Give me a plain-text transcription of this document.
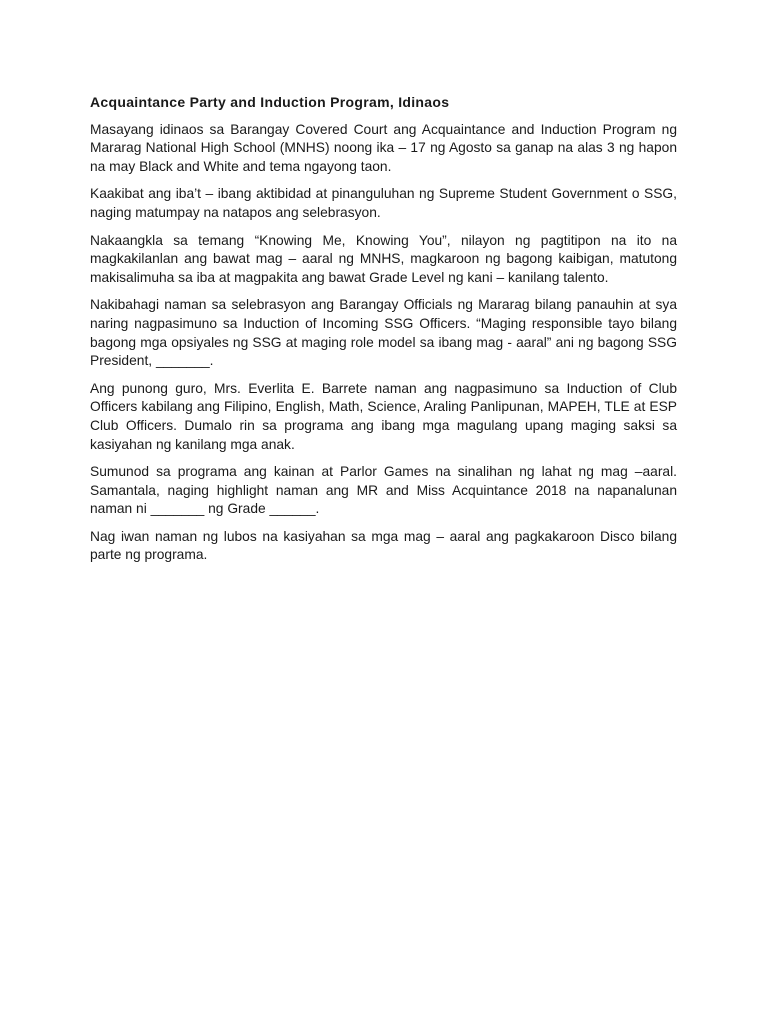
Acquaintance Party and Induction Program, Idinaos

Masayang idinaos sa Barangay Covered Court ang Acquaintance and Induction Program ng Mararag National High School (MNHS) noong ika – 17 ng Agosto sa ganap na alas 3 ng hapon na may Black and White and tema ngayong taon.

Kaakibat ang iba’t – ibang aktibidad at pinanguluhan ng Supreme Student Government o SSG, naging matumpay na natapos ang selebrasyon.

Nakaangkla sa temang “Knowing Me, Knowing You”, nilayon ng pagtitipon na ito na magkakilanlan ang bawat mag – aaral ng MNHS, magkaroon ng bagong kaibigan, matutong makisalimuha sa iba at magpakita ang bawat Grade Level ng kani – kanilang talento.

Nakibahagi naman sa selebrasyon ang Barangay Officials ng Mararag bilang panauhin at sya naring nagpasimuno sa Induction of Incoming SSG Officers. “Maging responsible tayo bilang bagong mga opsiyales ng SSG at maging role model sa ibang mag - aaral” ani ng bagong SSG President, _______.

Ang punong guro, Mrs. Everlita E. Barrete naman ang nagpasimuno sa Induction of Club Officers kabilang ang Filipino, English, Math, Science, Araling Panlipunan, MAPEH, TLE at ESP Club Officers. Dumalo rin sa programa ang ibang mga magulang upang maging saksi sa kasiyahan ng kanilang mga anak.

Sumunod sa programa ang kainan at Parlor Games na sinalihan ng lahat ng mag –aaral. Samantala, naging highlight naman ang MR and Miss Acquintance 2018 na napanalunan naman ni _______ ng Grade ______.

Nag iwan naman ng lubos na kasiyahan sa mga mag – aaral ang pagkakaroon Disco bilang parte ng programa.
